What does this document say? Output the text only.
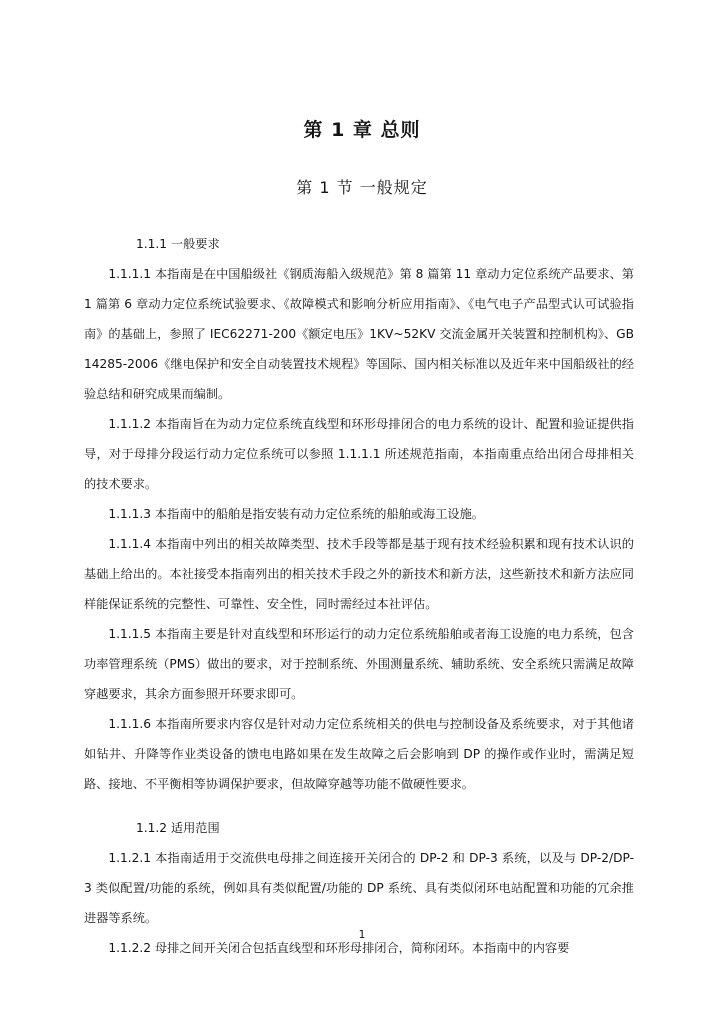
第 1 章 总则
第 1 节 一般规定

1.1.1 一般要求

1.1.1.1 本指南是在中国船级社《钢质海船入级规范》第 8 篇第 11 章动力定位系统产品要求、第 1 篇第 6 章动力定位系统试验要求、《故障模式和影响分析应用指南》、《电气电子产品型式认可试验指南》的基础上，参照了 IEC62271-200《额定电压》1KV~52KV 交流金属开关装置和控制机构》、GB14285-2006《继电保护和安全自动装置技术规程》等国际、国内相关标准以及近年来中国船级社的经验总结和研究成果而编制。

1.1.1.2 本指南旨在为动力定位系统直线型和环形母排闭合的电力系统的设计、配置和验证提供指导，对于母排分段运行动力定位系统可以参照 1.1.1.1 所述规范指南，本指南重点给出闭合母排相关的技术要求。

1.1.1.3 本指南中的船舶是指安装有动力定位系统的船舶或海工设施。

1.1.1.4 本指南中列出的相关故障类型、技术手段等都是基于现有技术经验积累和现有技术认识的基础上给出的。本社接受本指南列出的相关技术手段之外的新技术和新方法，这些新技术和新方法应同样能保证系统的完整性、可靠性、安全性，同时需经过本社评估。

1.1.1.5 本指南主要是针对直线型和环形运行的动力定位系统船舶或者海工设施的电力系统，包含功率管理系统（PMS）做出的要求，对于控制系统、外围测量系统、辅助系统、安全系统只需满足故障穿越要求，其余方面参照开环要求即可。

1.1.1.6 本指南所要求内容仅是针对动力定位系统相关的供电与控制设备及系统要求，对于其他诸如钻井、升降等作业类设备的馈电电路如果在发生故障之后会影响到 DP 的操作或作业时，需满足短路、接地、不平衡相等协调保护要求，但故障穿越等功能不做硬性要求。

1.1.2 适用范围

1.1.2.1 本指南适用于交流供电母排之间连接开关闭合的 DP-2 和 DP-3 系统，以及与 DP-2/DP-3 类似配置/功能的系统，例如具有类似配置/功能的 DP 系统、具有类似闭环电站配置和功能的冗余推进器等系统。

1.1.2.2 母排之间开关闭合包括直线型和环形母排闭合，简称闭环。本指南中的内容要

1
